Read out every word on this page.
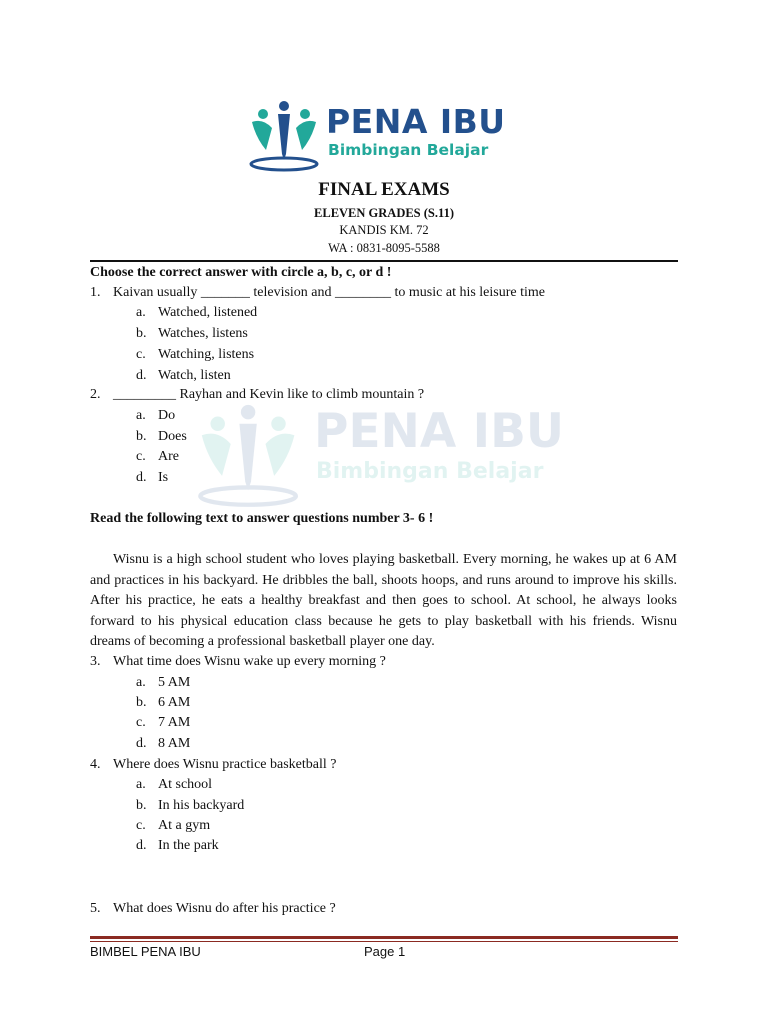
PENA IBU
Bimbingan Belajar
PENA IBU
Bimbingan Belajar
FINAL EXAMS
ELEVEN GRADES (S.11)
KANDIS KM. 72
WA : 0831-8095-5588
Choose the correct answer with circle a, b, c, or d !
1. Kaivan usually _______ television and ________ to music at his leisure time
a. Watched, listened
b. Watches, listens
c. Watching, listens
d. Watch, listen
2. _________ Rayhan and Kevin like to climb mountain ?
a. Do
b. Does
c. Are
d. Is
Read the following text to answer questions number 3- 6 !
Wisnu is a high school student who loves playing basketball. Every morning, he wakes up at 6 AM and practices in his backyard. He dribbles the ball, shoots hoops, and runs around to improve his skills. After his practice, he eats a healthy breakfast and then goes to school. At school, he always looks forward to his physical education class because he gets to play basketball with his friends. Wisnu dreams of becoming a professional basketball player one day.
3. What time does Wisnu wake up every morning ?
a. 5 AM
b. 6 AM
c. 7 AM
d. 8 AM
4. Where does Wisnu practice basketball ?
a. At school
b. In his backyard
c. At a gym
d. In the park
5. What does Wisnu do after his practice ?
BIMBEL PENA IBU	Page 1
